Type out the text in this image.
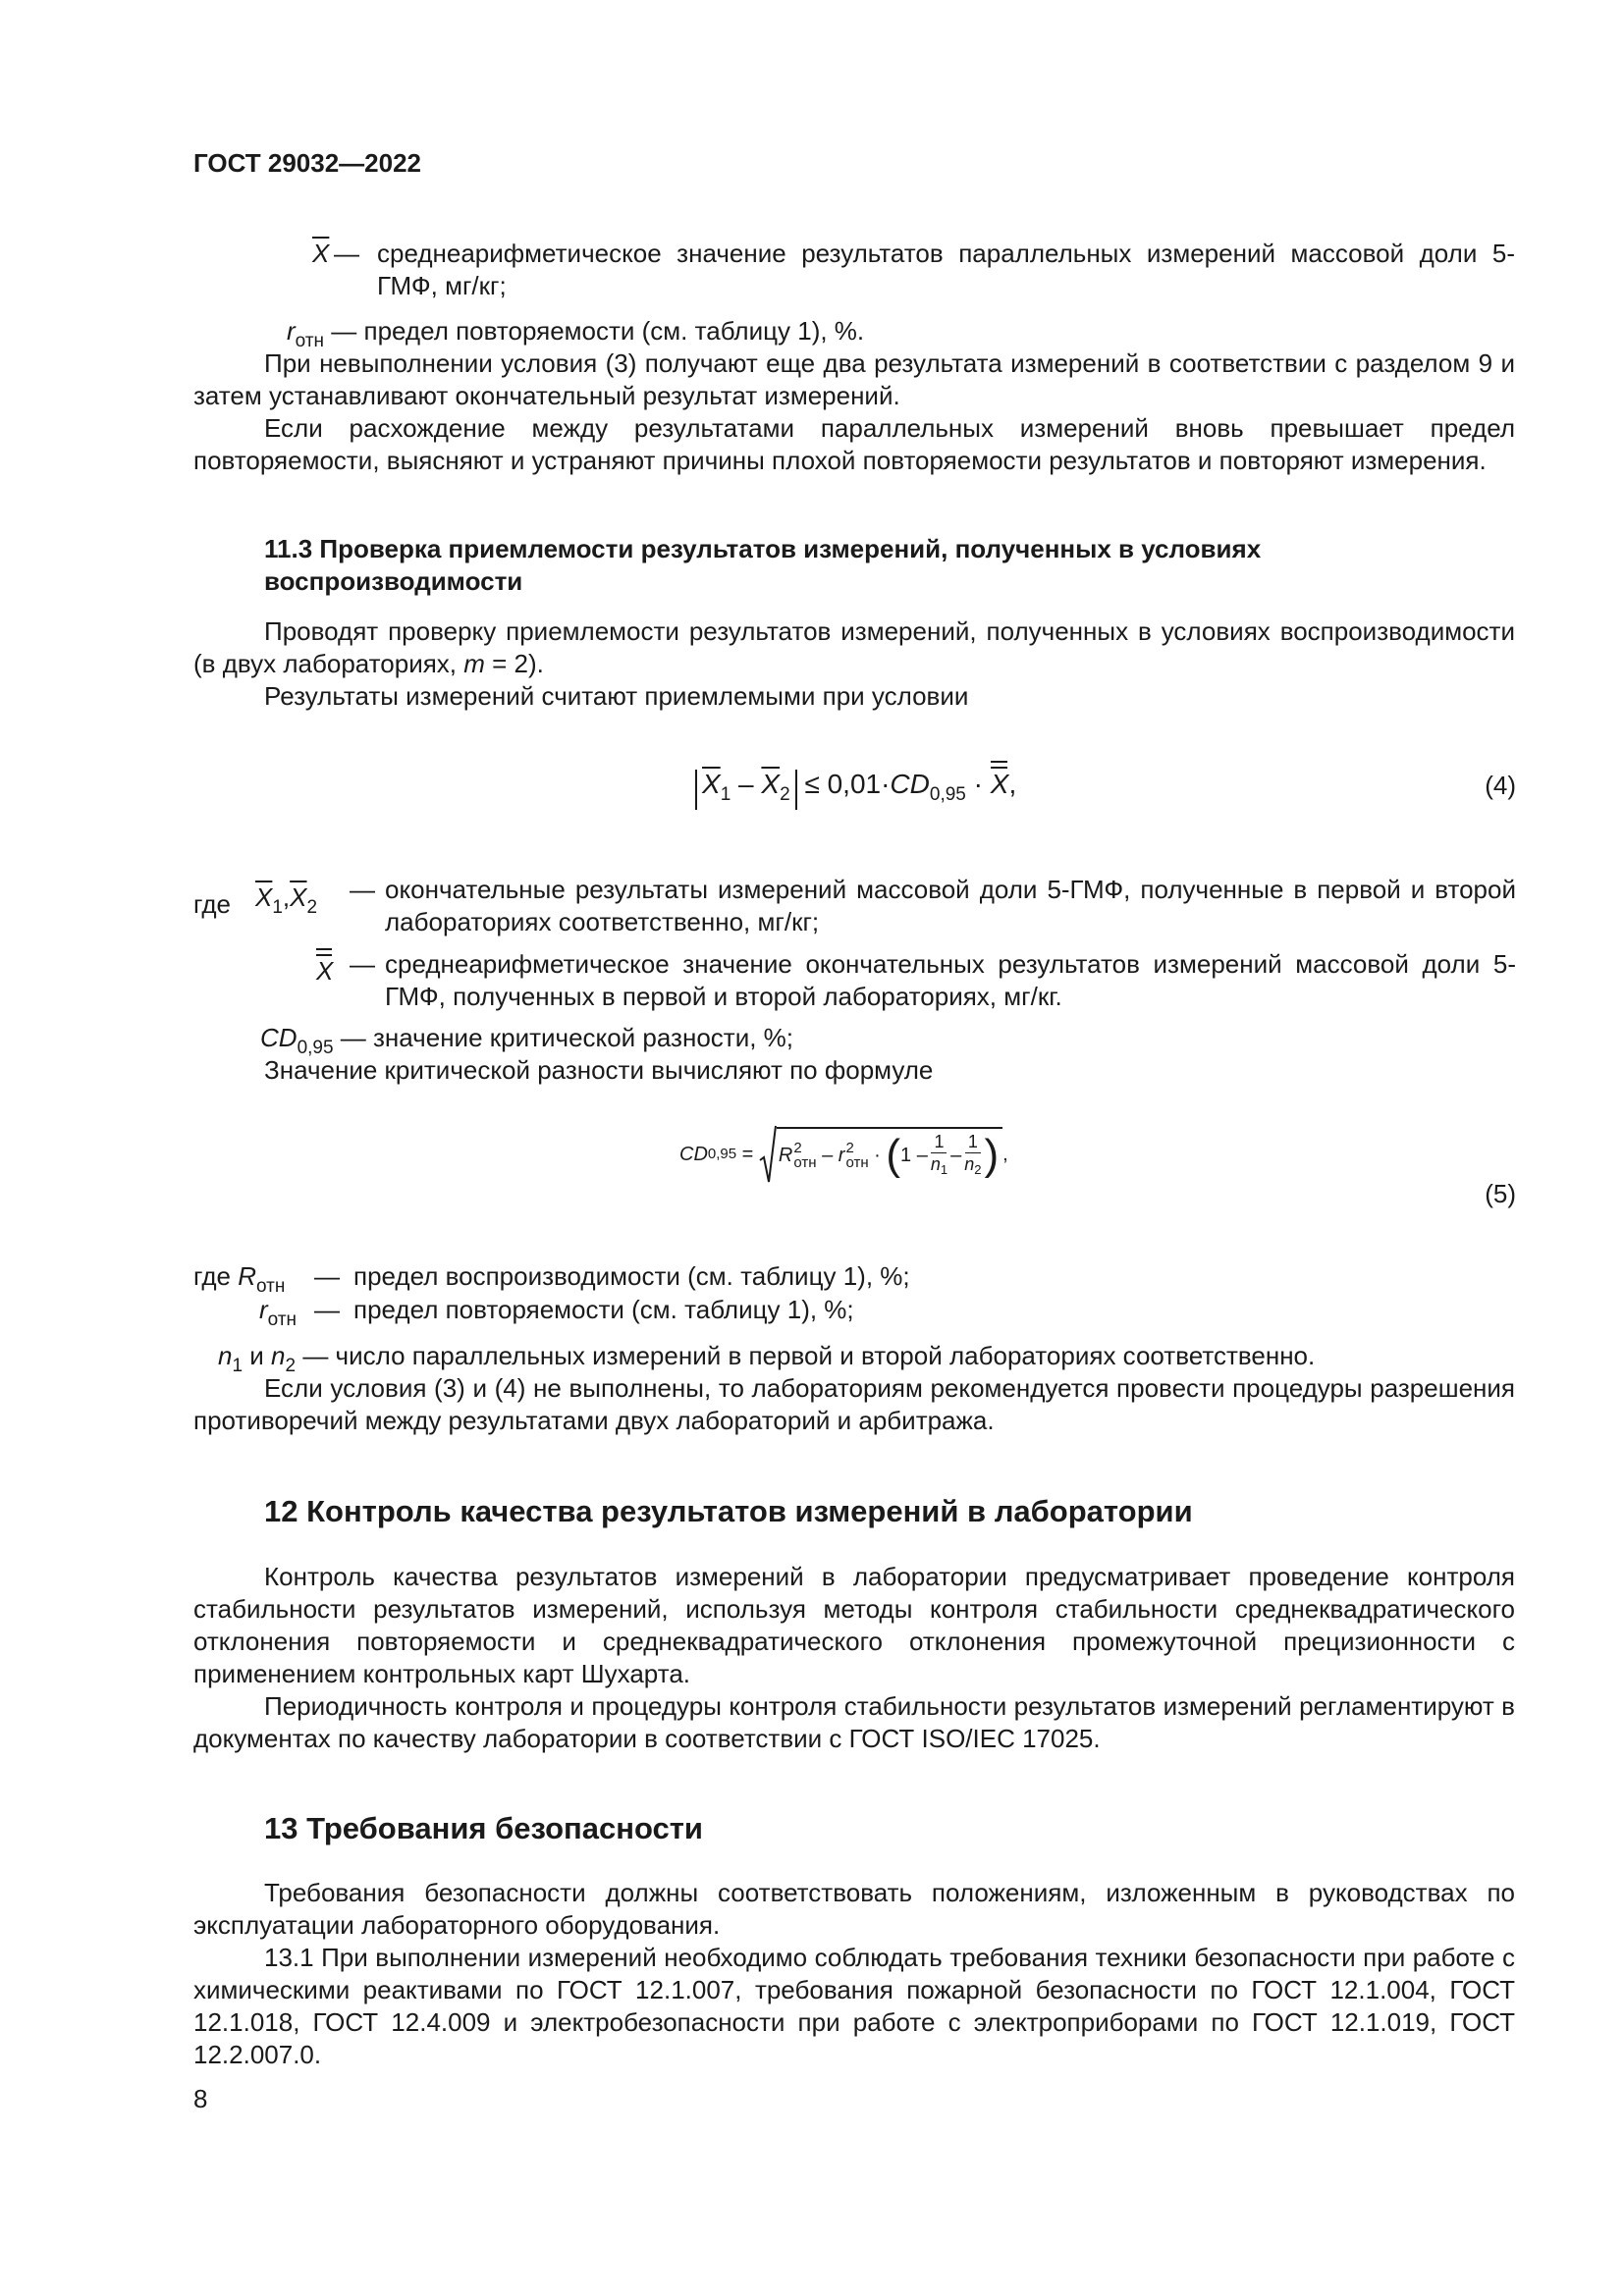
ГОСТ 29032—2022
$\overline{X}$ — среднеарифметическое значение результатов параллельных измерений массовой доли 5-ГМФ, мг/кг;
$r_{отн}$ — предел повторяемости (см. таблицу 1), %.
При невыполнении условия (3) получают еще два результата измерений в соответствии с разделом 9 и затем устанавливают окончательный результат измерений.
Если расхождение между результатами параллельных измерений вновь превышает предел повторяемости, выясняют и устраняют причины плохой повторяемости результатов и повторяют измерения.
11.3 Проверка приемлемости результатов измерений, полученных в условиях воспроизводимости
Проводят проверку приемлемости результатов измерений, полученных в условиях воспроизводимости (в двух лабораториях, m = 2).
Результаты измерений считают приемлемыми при условии
$\overline{X}_1 - \overline{X}_2 \le 0,01\cdot CD_{0,95} \cdot X$,	(4)
где $\overline{X}_1,\overline{X}_2$
— окончательные результаты измерений массовой доли 5-ГМФ, полученные в первой и второй лабораториях соответственно, мг/кг;
X — среднеарифметическое значение окончательных результатов измерений массовой доли 5-ГМФ, полученных в первой и второй лабораториях, мг/кг.
$CD_{0,95}$ — значение критической разности, %;
Значение критической разности вычисляют по формуле
CD 0,95 = R 2
отн – r 2
отн · ( $1 - \frac{1}{n_1} - \frac{1}{n_2}$ ) ,
(5)
где $R_{отн}$ — предел воспроизводимости (см. таблицу 1), %;
$r_{отн}$ — предел повторяемости (см. таблицу 1), %;
$n_1$ и $n_2$ — число параллельных измерений в первой и второй лабораториях соответственно.
Если условия (3) и (4) не выполнены, то лабораториям рекомендуется провести процедуры разрешения противоречий между результатами двух лабораторий и арбитража.
12 Контроль качества результатов измерений в лаборатории
Контроль качества результатов измерений в лаборатории предусматривает проведение контроля стабильности результатов измерений, используя методы контроля стабильности среднеквадратического отклонения повторяемости и среднеквадратического отклонения промежуточной прецизионности с применением контрольных карт Шухарта.
Периодичность контроля и процедуры контроля стабильности результатов измерений регламентируют в документах по качеству лаборатории в соответствии с ГОСТ ISO/IEC 17025.
13 Требования безопасности
Требования безопасности должны соответствовать положениям, изложенным в руководствах по эксплуатации лабораторного оборудования.
13.1 При выполнении измерений необходимо соблюдать требования техники безопасности при работе с химическими реактивами по ГОСТ 12.1.007, требования пожарной безопасности по ГОСТ 12.1.004, ГОСТ 12.1.018, ГОСТ 12.4.009 и электробезопасности при работе с электроприборами по ГОСТ 12.1.019, ГОСТ 12.2.007.0.
8
